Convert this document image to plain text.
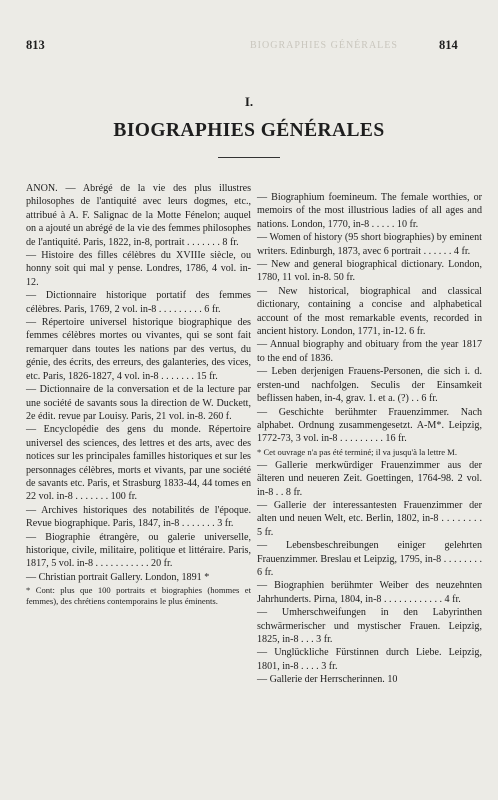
813	814
BIOGRAPHIES GÉNÉRALES
I.
BIOGRAPHIES GÉNÉRALES

ANON. — Abrégé de la vie des plus illustres philosophes de l'antiquité avec leurs dogmes, etc., attribué à A. F. Salignac de la Motte Fénelon; auquel on a ajouté un abrégé de la vie des femmes philosophes de l'antiquité. Paris, 1822, in-8, portrait . . . . . . . 8 fr.

— Histoire des filles célèbres du XVIIIe siècle, ou honny soit qui mal y pense. Londres, 1786, 4 vol. in-12.

— Dictionnaire historique portatif des femmes célèbres. Paris, 1769, 2 vol. in-8 . . . . . . . . . 6 fr.

— Répertoire universel historique biographique des femmes célèbres mortes ou vivantes, qui se sont fait remarquer dans toutes les nations par des vertus, du génie, des écrits, des erreurs, des galanteries, des vices, etc. Paris, 1826-1827, 4 vol. in-8 . . . . . . . 15 fr.

— Dictionnaire de la conversation et de la lecture par une société de savants sous la direction de W. Duckett, 2e édit. revue par Louisy. Paris, 21 vol. in-8. 260 f.

— Encyclopédie des gens du monde. Répertoire universel des sciences, des lettres et des arts, avec des notices sur les principales familles historiques et sur les personnages célèbres, morts et vivants, par une société de savants etc. Paris, et Strasburg 1833-44, 44 tomes en 22 vol. in-8 . . . . . . . 100 fr.

— Archives historiques des notabilités de l'époque. Revue biographique. Paris, 1847, in-8 . . . . . . . 3 fr.

— Biographie étrangère, ou galerie universelle, historique, civile, militaire, politique et littéraire. Paris, 1817, 5 vol. in-8 . . . . . . . . . . . 20 fr.

— Christian portrait Gallery. London, 1891 *

* Cont: plus que 100 portraits et biographies (hommes et femmes), des chrétiens contemporains le plus éminents.

— Biographium foemineum. The female worthies, or memoirs of the most illustrious ladies of all ages and nations. London, 1770, in-8 . . . . . 10 fr.

— Women of history (95 short biographies) by eminent writers. Edinburgh, 1873, avec 6 portrait . . . . . . 4 fr.

— New and general biographical dictionary. London, 1780, 11 vol. in-8. 50 fr.

— New historical, biographical and classical dictionary, containing a concise and alphabetical account of the most remarkable events, recorded in ancient history. London, 1771, in-12. 6 fr.

— Annual biography and obituary from the year 1817 to the end of 1836.

— Leben derjenigen Frauens-Personen, die sich i. d. ersten-und nachfolgen. Seculis der Einsamkeit beflissen haben, in-4, grav. 1. et a. (?) . . 6 fr.

— Geschichte berühmter Frauenzimmer. Nach alphabet. Ordnung zusammengesetzt. A-M*. Leipzig, 1772-73, 3 vol. in-8 . . . . . . . . . 16 fr.

* Cet ouvrage n'a pas été terminé; il va jusqu'à la lettre M.

— Gallerie merkwürdiger Frauenzimmer aus der älteren und neueren Zeit. Goettingen, 1764-98. 2 vol. in-8 . . 8 fr.

— Gallerie der interessantesten Frauenzimmer der alten und neuen Welt, etc. Berlin, 1802, in-8 . . . . . . . . 5 fr.

— Lebensbeschreibungen einiger gelehrten Frauenzimmer. Breslau et Leipzig, 1795, in-8 . . . . . . . . 6 fr.

— Biographien berühmter Weiber des neuzehnten Jahrhunderts. Pirna, 1804, in-8 . . . . . . . . . . . . 4 fr.

— Umherschweifungen in den Labyrinthen schwärmerischer und mystischer Frauen. Leipzig, 1825, in-8 . . . 3 fr.

— Unglückliche Fürstinnen durch Liebe. Leipzig, 1801, in-8 . . . . 3 fr.

— Gallerie der Herrscherinnen. 10
